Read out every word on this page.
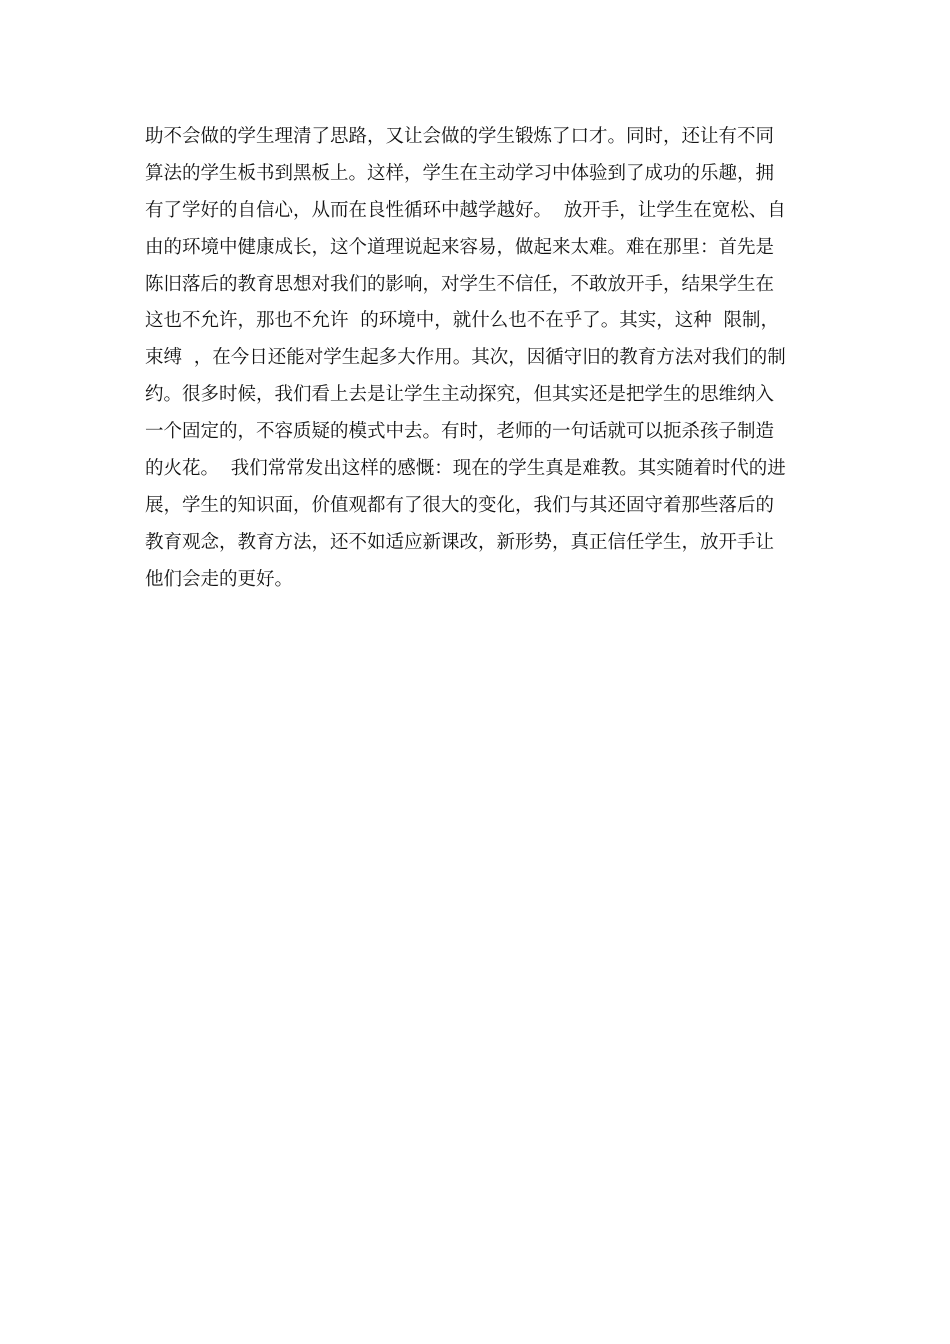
助不会做的学生理清了思路，又让会做的学生锻炼了口才。同时，还让有不同
算法的学生板书到黑板上。这样，学生在主动学习中体验到了成功的乐趣，拥
有了学好的自信心，从而在良性循环中越学越好。  放开手，让学生在宽松、自
由的环境中健康成长，这个道理说起来容易，做起来太难。难在那里：首先是
陈旧落后的教育思想对我们的影响，对学生不信任，不敢放开手，结果学生在
这也不允许，那也不允许  的环境中，就什么也不在乎了。其实，这种  限制，
束缚  ，在今日还能对学生起多大作用。其次，因循守旧的教育方法对我们的制
约。很多时候，我们看上去是让学生主动探究，但其实还是把学生的思维纳入
一个固定的，不容质疑的模式中去。有时，老师的一句话就可以扼杀孩子制造
的火花。  我们常常发出这样的感慨：现在的学生真是难教。其实随着时代的进
展，学生的知识面，价值观都有了很大的变化，我们与其还固守着那些落后的
教育观念，教育方法，还不如适应新课改，新形势，真正信任学生，放开手让
他们会走的更好。
